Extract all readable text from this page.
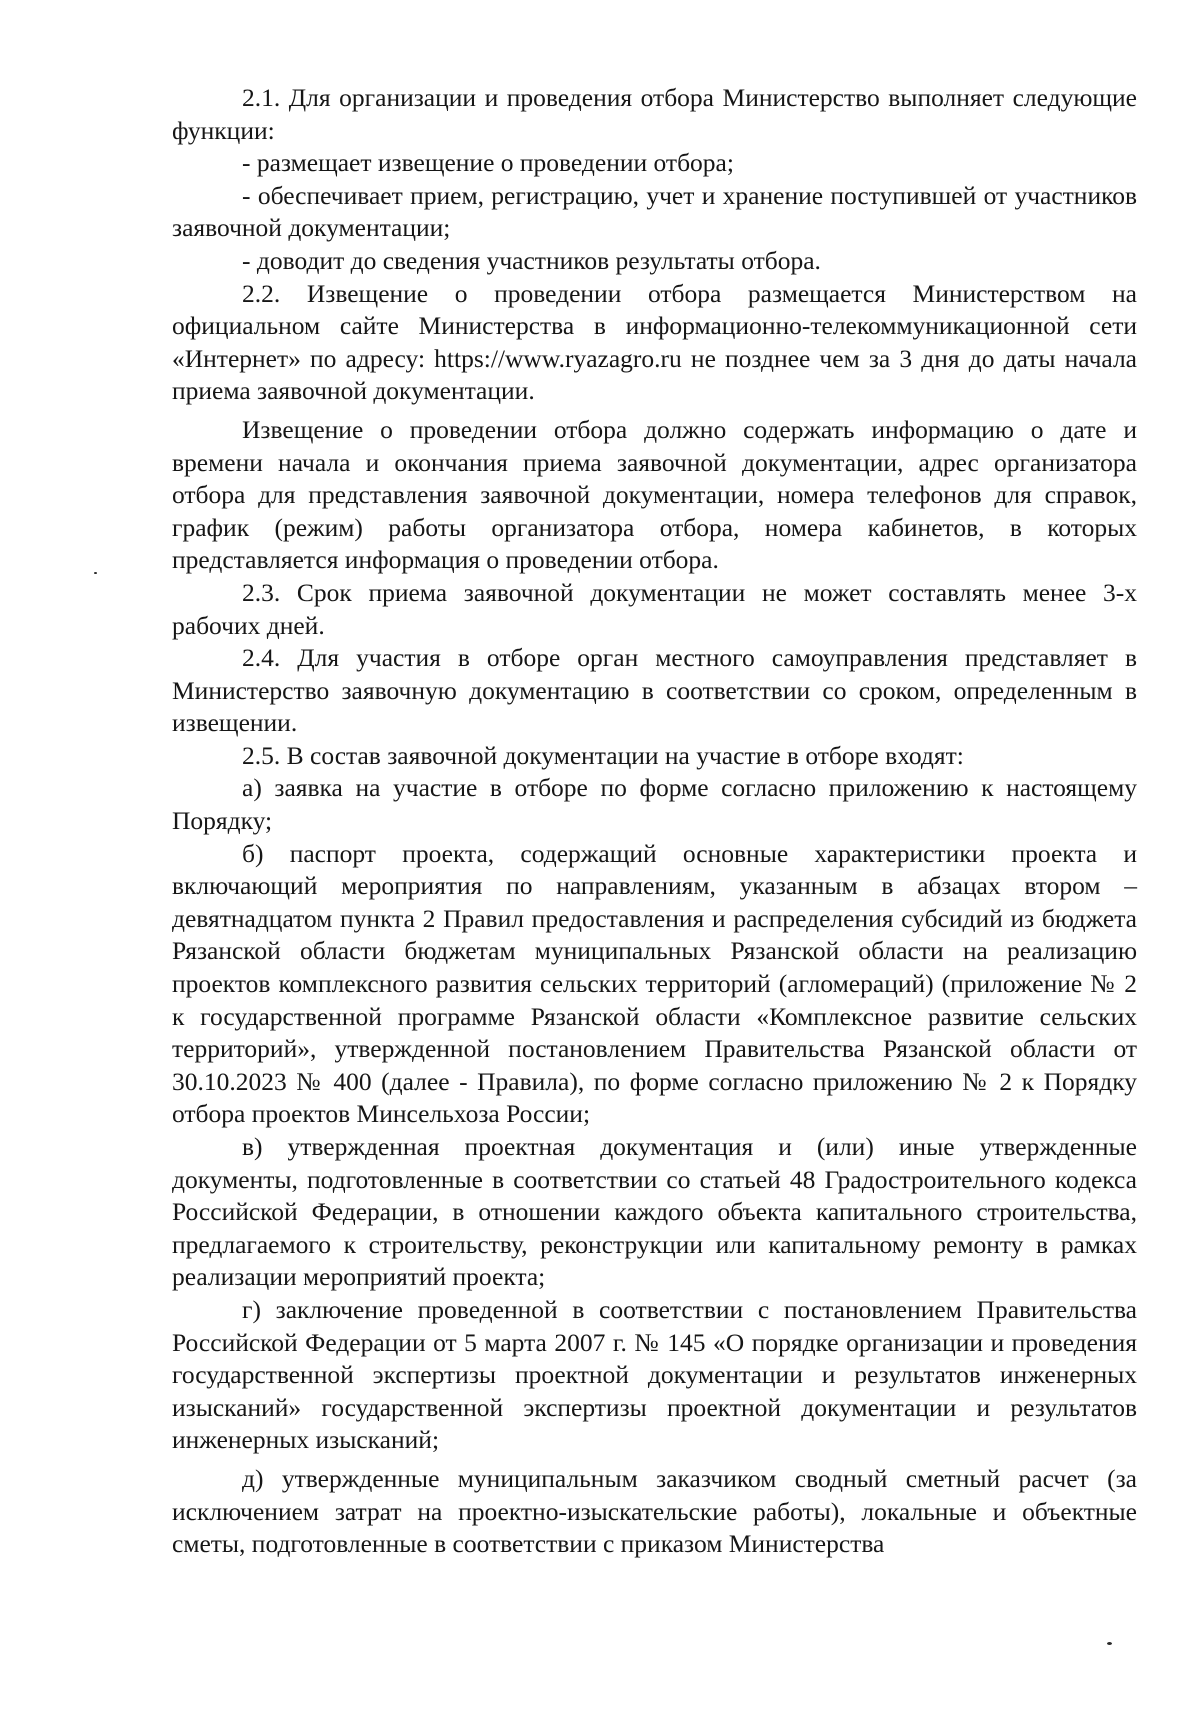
2.1. Для организации и проведения отбора Министерство выполняет следующие функции:

- размещает извещение о проведении отбора;

- обеспечивает прием, регистрацию, учет и хранение поступившей от участников заявочной документации;

- доводит до сведения участников результаты отбора.

2.2. Извещение о проведении отбора размещается Министерством на официальном сайте Министерства в информационно-телекоммуникационной сети «Интернет» по адресу: https://www.ryazagro.ru не позднее чем за 3 дня до даты начала приема заявочной документации.

Извещение о проведении отбора должно содержать информацию о дате и времени начала и окончания приема заявочной документации, адрес организатора отбора для представления заявочной документации, номера телефонов для справок, график (режим) работы организатора отбора, номера кабинетов, в которых представляется информация о проведении отбора.

2.3. Срок приема заявочной документации не может составлять менее 3-х рабочих дней.

2.4. Для участия в отборе орган местного самоуправления представляет в Министерство заявочную документацию в соответствии со сроком, определенным в извещении.

2.5. В состав заявочной документации на участие в отборе входят:

а) заявка на участие в отборе по форме согласно приложению к настоящему Порядку;

б) паспорт проекта, содержащий основные характеристики проекта и включающий мероприятия по направлениям, указанным в абзацах втором – девятнадцатом пункта 2 Правил предоставления и распределения субсидий из бюджета Рязанской области бюджетам муниципальных Рязанской области на реализацию проектов комплексного развития сельских территорий (агломераций) (приложение № 2 к государственной программе Рязанской области «Комплексное развитие сельских территорий», утвержденной постановлением Правительства Рязанской области от 30.10.2023 № 400 (далее - Правила), по форме согласно приложению № 2 к Порядку отбора проектов Минсельхоза России;

в) утвержденная проектная документация и (или) иные утвержденные документы, подготовленные в соответствии со статьей 48 Градостроительного кодекса Российской Федерации, в отношении каждого объекта капитального строительства, предлагаемого к строительству, реконструкции или капитальному ремонту в рамках реализации мероприятий проекта;

г) заключение проведенной в соответствии с постановлением Правительства Российской Федерации от 5 марта 2007 г. № 145 «О порядке организации и проведения государственной экспертизы проектной документации и результатов инженерных изысканий» государственной экспертизы проектной документации и результатов инженерных изысканий;

д) утвержденные муниципальным заказчиком сводный сметный расчет (за исключением затрат на проектно-изыскательские работы), локальные и объектные сметы, подготовленные в соответствии с приказом Министерства
